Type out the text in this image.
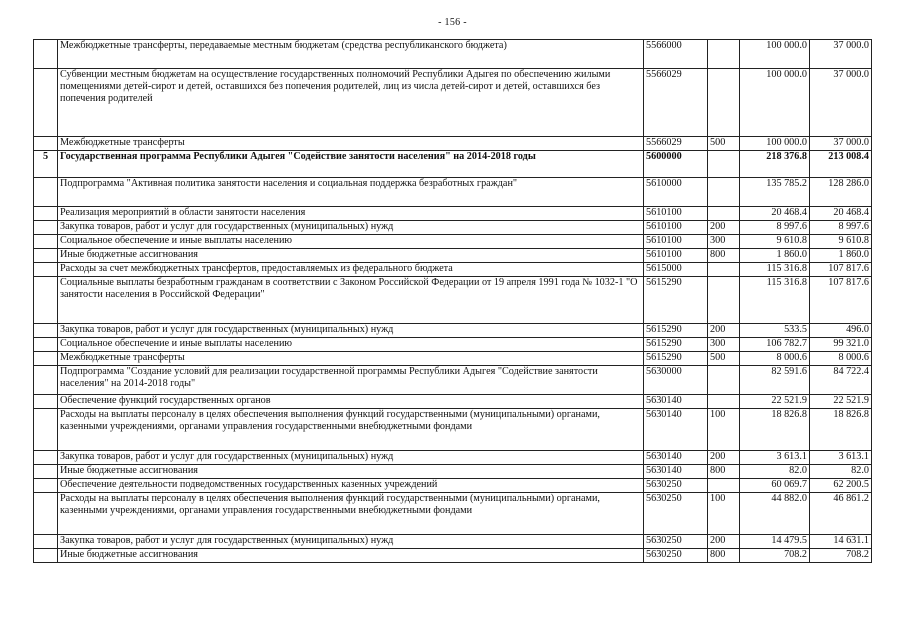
- 156 -
	Межбюджетные трансферты, передаваемые местным бюджетам (средства республиканского бюджета)	5566000		100 000.0	37 000.0
	Субвенции местным бюджетам на осуществление государственных полномочий Республики Адыгея по обеспечению жилыми помещениями детей-сирот и детей, оставшихся без попечения родителей, лиц из числа детей-сирот и детей, оставшихся без попечения родителей	5566029		100 000.0	37 000.0
	Межбюджетные трансферты	5566029	500	100 000.0	37 000.0
5	Государственная программа Республики Адыгея "Содействие занятости населения" на 2014-2018 годы	5600000		218 376.8	213 008.4
	Подпрограмма "Активная политика занятости населения и социальная поддержка безработных граждан"	5610000		135 785.2	128 286.0
	Реализация мероприятий в области занятости населения	5610100		20 468.4	20 468.4
	Закупка товаров, работ и услуг для государственных (муниципальных) нужд	5610100	200	8 997.6	8 997.6
	Социальное обеспечение и иные выплаты населению	5610100	300	9 610.8	9 610.8
	Иные бюджетные ассигнования	5610100	800	1 860.0	1 860.0
	Расходы за счет межбюджетных трансфертов, предоставляемых из федерального бюджета	5615000		115 316.8	107 817.6
	Социальные выплаты безработным гражданам в соответствии с Законом Российской Федерации от 19 апреля 1991 года № 1032-1 "О занятости населения в Российской Федерации"	5615290		115 316.8	107 817.6
	Закупка товаров, работ и услуг для государственных (муниципальных) нужд	5615290	200	533.5	496.0
	Социальное обеспечение и иные выплаты населению	5615290	300	106 782.7	99 321.0
	Межбюджетные трансферты	5615290	500	8 000.6	8 000.6
	Подпрограмма "Создание условий для реализации государственной программы Республики Адыгея "Содействие занятости населения" на 2014-2018 годы"	5630000		82 591.6	84 722.4
	Обеспечение функций государственных органов	5630140		22 521.9	22 521.9
	Расходы на выплаты персоналу в целях обеспечения выполнения функций государственными (муниципальными) органами, казенными учреждениями, органами управления государственными внебюджетными фондами	5630140	100	18 826.8	18 826.8
	Закупка товаров, работ и услуг для государственных (муниципальных) нужд	5630140	200	3 613.1	3 613.1
	Иные бюджетные ассигнования	5630140	800	82.0	82.0
	Обеспечение деятельности подведомственных государственных казенных учреждений	5630250		60 069.7	62 200.5
	Расходы на выплаты персоналу в целях обеспечения выполнения функций государственными (муниципальными) органами, казенными учреждениями, органами управления государственными внебюджетными фондами	5630250	100	44 882.0	46 861.2
	Закупка товаров, работ и услуг для государственных (муниципальных) нужд	5630250	200	14 479.5	14 631.1
	Иные бюджетные ассигнования	5630250	800	708.2	708.2
